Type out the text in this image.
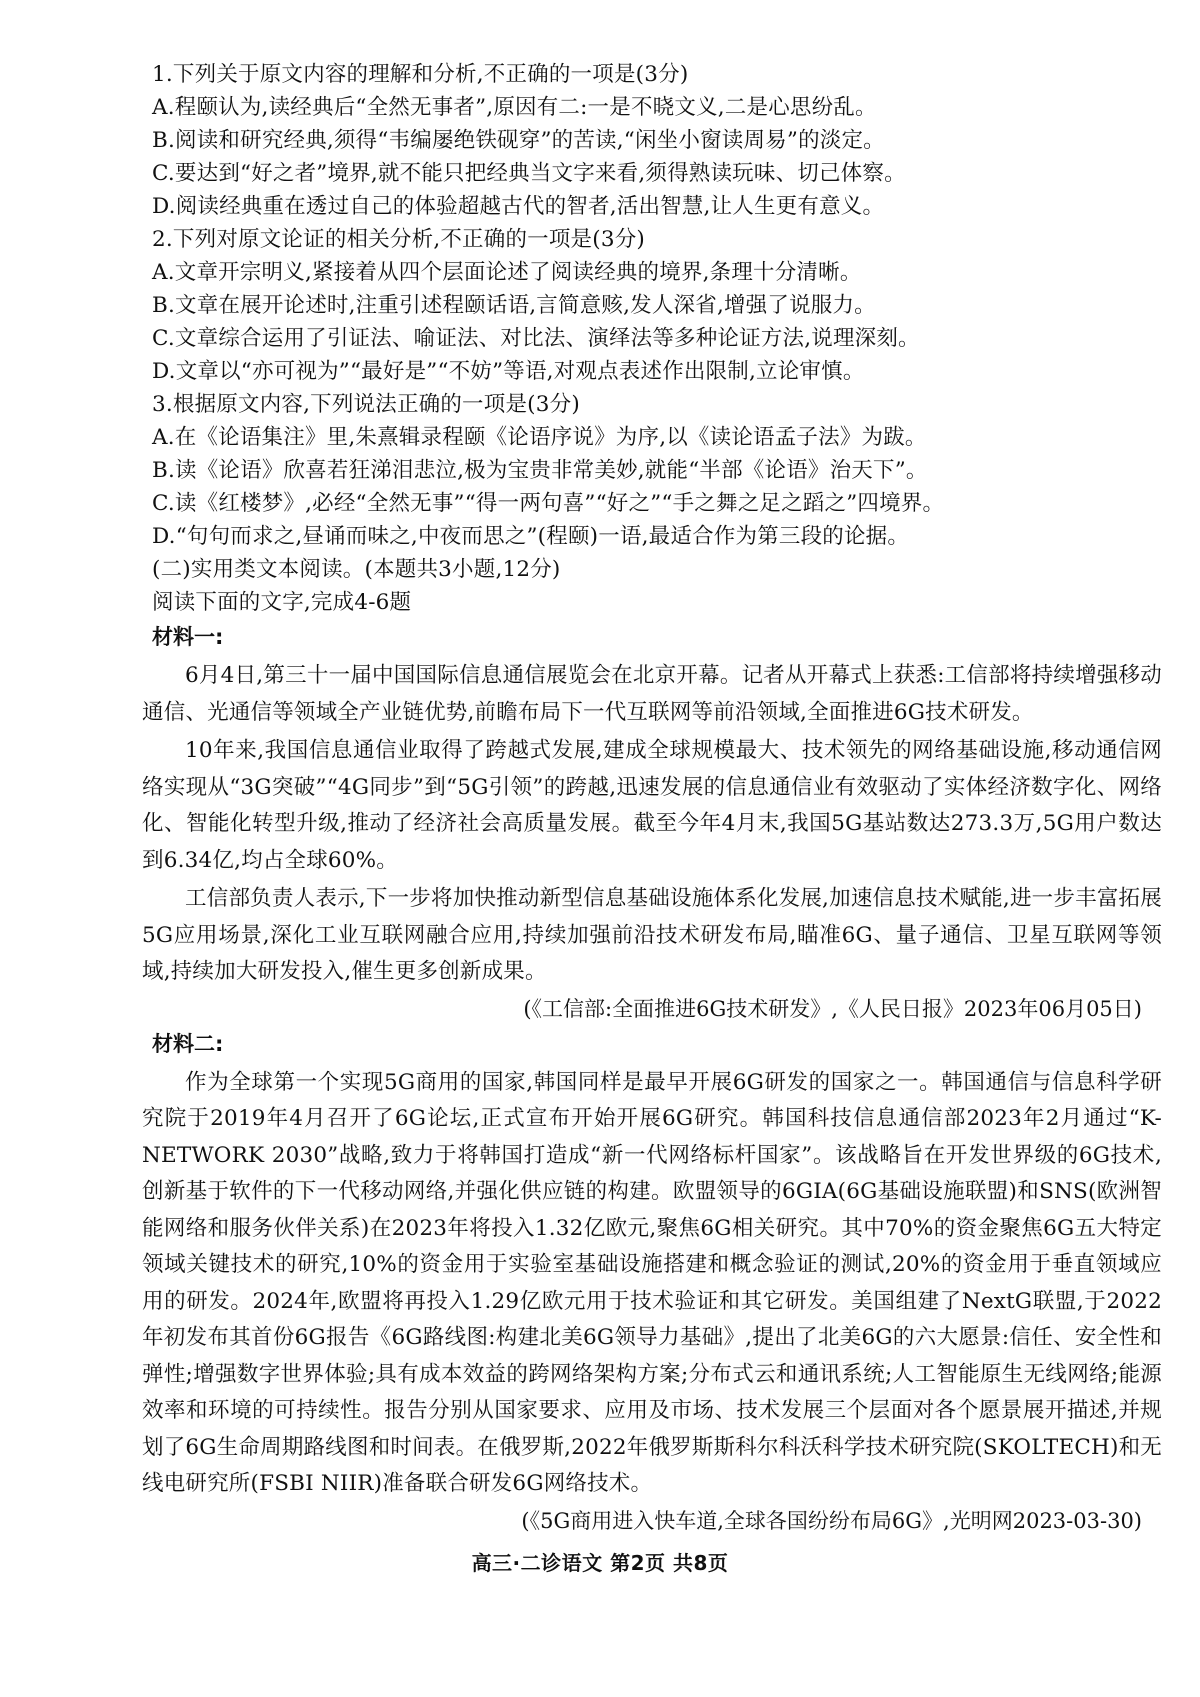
1.下列关于原文内容的理解和分析,不正确的一项是(3分)

A.程颐认为,读经典后“全然无事者”,原因有二:一是不晓文义,二是心思纷乱。

B.阅读和研究经典,须得“韦编屡绝铁砚穿”的苦读,“闲坐小窗读周易”的淡定。

C.要达到“好之者”境界,就不能只把经典当文字来看,须得熟读玩味、切己体察。

D.阅读经典重在透过自己的体验超越古代的智者,活出智慧,让人生更有意义。

2.下列对原文论证的相关分析,不正确的一项是(3分)

A.文章开宗明义,紧接着从四个层面论述了阅读经典的境界,条理十分清晰。

B.文章在展开论述时,注重引述程颐话语,言简意赅,发人深省,增强了说服力。

C.文章综合运用了引证法、喻证法、对比法、演绎法等多种论证方法,说理深刻。

D.文章以“亦可视为”“最好是”“不妨”等语,对观点表述作出限制,立论审慎。

3.根据原文内容,下列说法正确的一项是(3分)

A.在《论语集注》里,朱熹辑录程颐《论语序说》为序,以《读论语孟子法》为跋。

B.读《论语》欣喜若狂涕泪悲泣,极为宝贵非常美妙,就能“半部《论语》治天下”。

C.读《红楼梦》,必经“全然无事”“得一两句喜”“好之”“手之舞之足之蹈之”四境界。

D.“句句而求之,昼诵而味之,中夜而思之”(程颐)一语,最适合作为第三段的论据。

(二)实用类文本阅读。(本题共3小题,12分)

阅读下面的文字,完成4-6题

材料一:

6月4日,第三十一届中国国际信息通信展览会在北京开幕。记者从开幕式上获悉:工信部将持续增强移动通信、光通信等领域全产业链优势,前瞻布局下一代互联网等前沿领域,全面推进6G技术研发。

10年来,我国信息通信业取得了跨越式发展,建成全球规模最大、技术领先的网络基础设施,移动通信网络实现从“3G突破”“4G同步”到“5G引领”的跨越,迅速发展的信息通信业有效驱动了实体经济数字化、网络化、智能化转型升级,推动了经济社会高质量发展。截至今年4月末,我国5G基站数达273.3万,5G用户数达到6.34亿,均占全球60%。

工信部负责人表示,下一步将加快推动新型信息基础设施体系化发展,加速信息技术赋能,进一步丰富拓展5G应用场景,深化工业互联网融合应用,持续加强前沿技术研发布局,瞄准6G、量子通信、卫星互联网等领域,持续加大研发投入,催生更多创新成果。

(《工信部:全面推进6G技术研发》,《人民日报》2023年06月05日)

材料二:

作为全球第一个实现5G商用的国家,韩国同样是最早开展6G研发的国家之一。韩国通信与信息科学研究院于2019年4月召开了6G论坛,正式宣布开始开展6G研究。韩国科技信息通信部2023年2月通过“K-NETWORK 2030”战略,致力于将韩国打造成“新一代网络标杆国家”。该战略旨在开发世界级的6G技术,创新基于软件的下一代移动网络,并强化供应链的构建。欧盟领导的6GIA(6G基础设施联盟)和SNS(欧洲智能网络和服务伙伴关系)在2023年将投入1.32亿欧元,聚焦6G相关研究。其中70%的资金聚焦6G五大特定领域关键技术的研究,10%的资金用于实验室基础设施搭建和概念验证的测试,20%的资金用于垂直领域应用的研发。2024年,欧盟将再投入1.29亿欧元用于技术验证和其它研发。美国组建了NextG联盟,于2022年初发布其首份6G报告《6G路线图:构建北美6G领导力基础》,提出了北美6G的六大愿景:信任、安全性和弹性;增强数字世界体验;具有成本效益的跨网络架构方案;分布式云和通讯系统;人工智能原生无线网络;能源效率和环境的可持续性。报告分别从国家要求、应用及市场、技术发展三个层面对各个愿景展开描述,并规划了6G生命周期路线图和时间表。在俄罗斯,2022年俄罗斯斯科尔科沃科学技术研究院(SKOLTECH)和无线电研究所(FSBI NIIR)准备联合研发6G网络技术。

(《5G商用进入快车道,全球各国纷纷布局6G》,光明网2023-03-30)

高三·二诊语文 第2页 共8页
